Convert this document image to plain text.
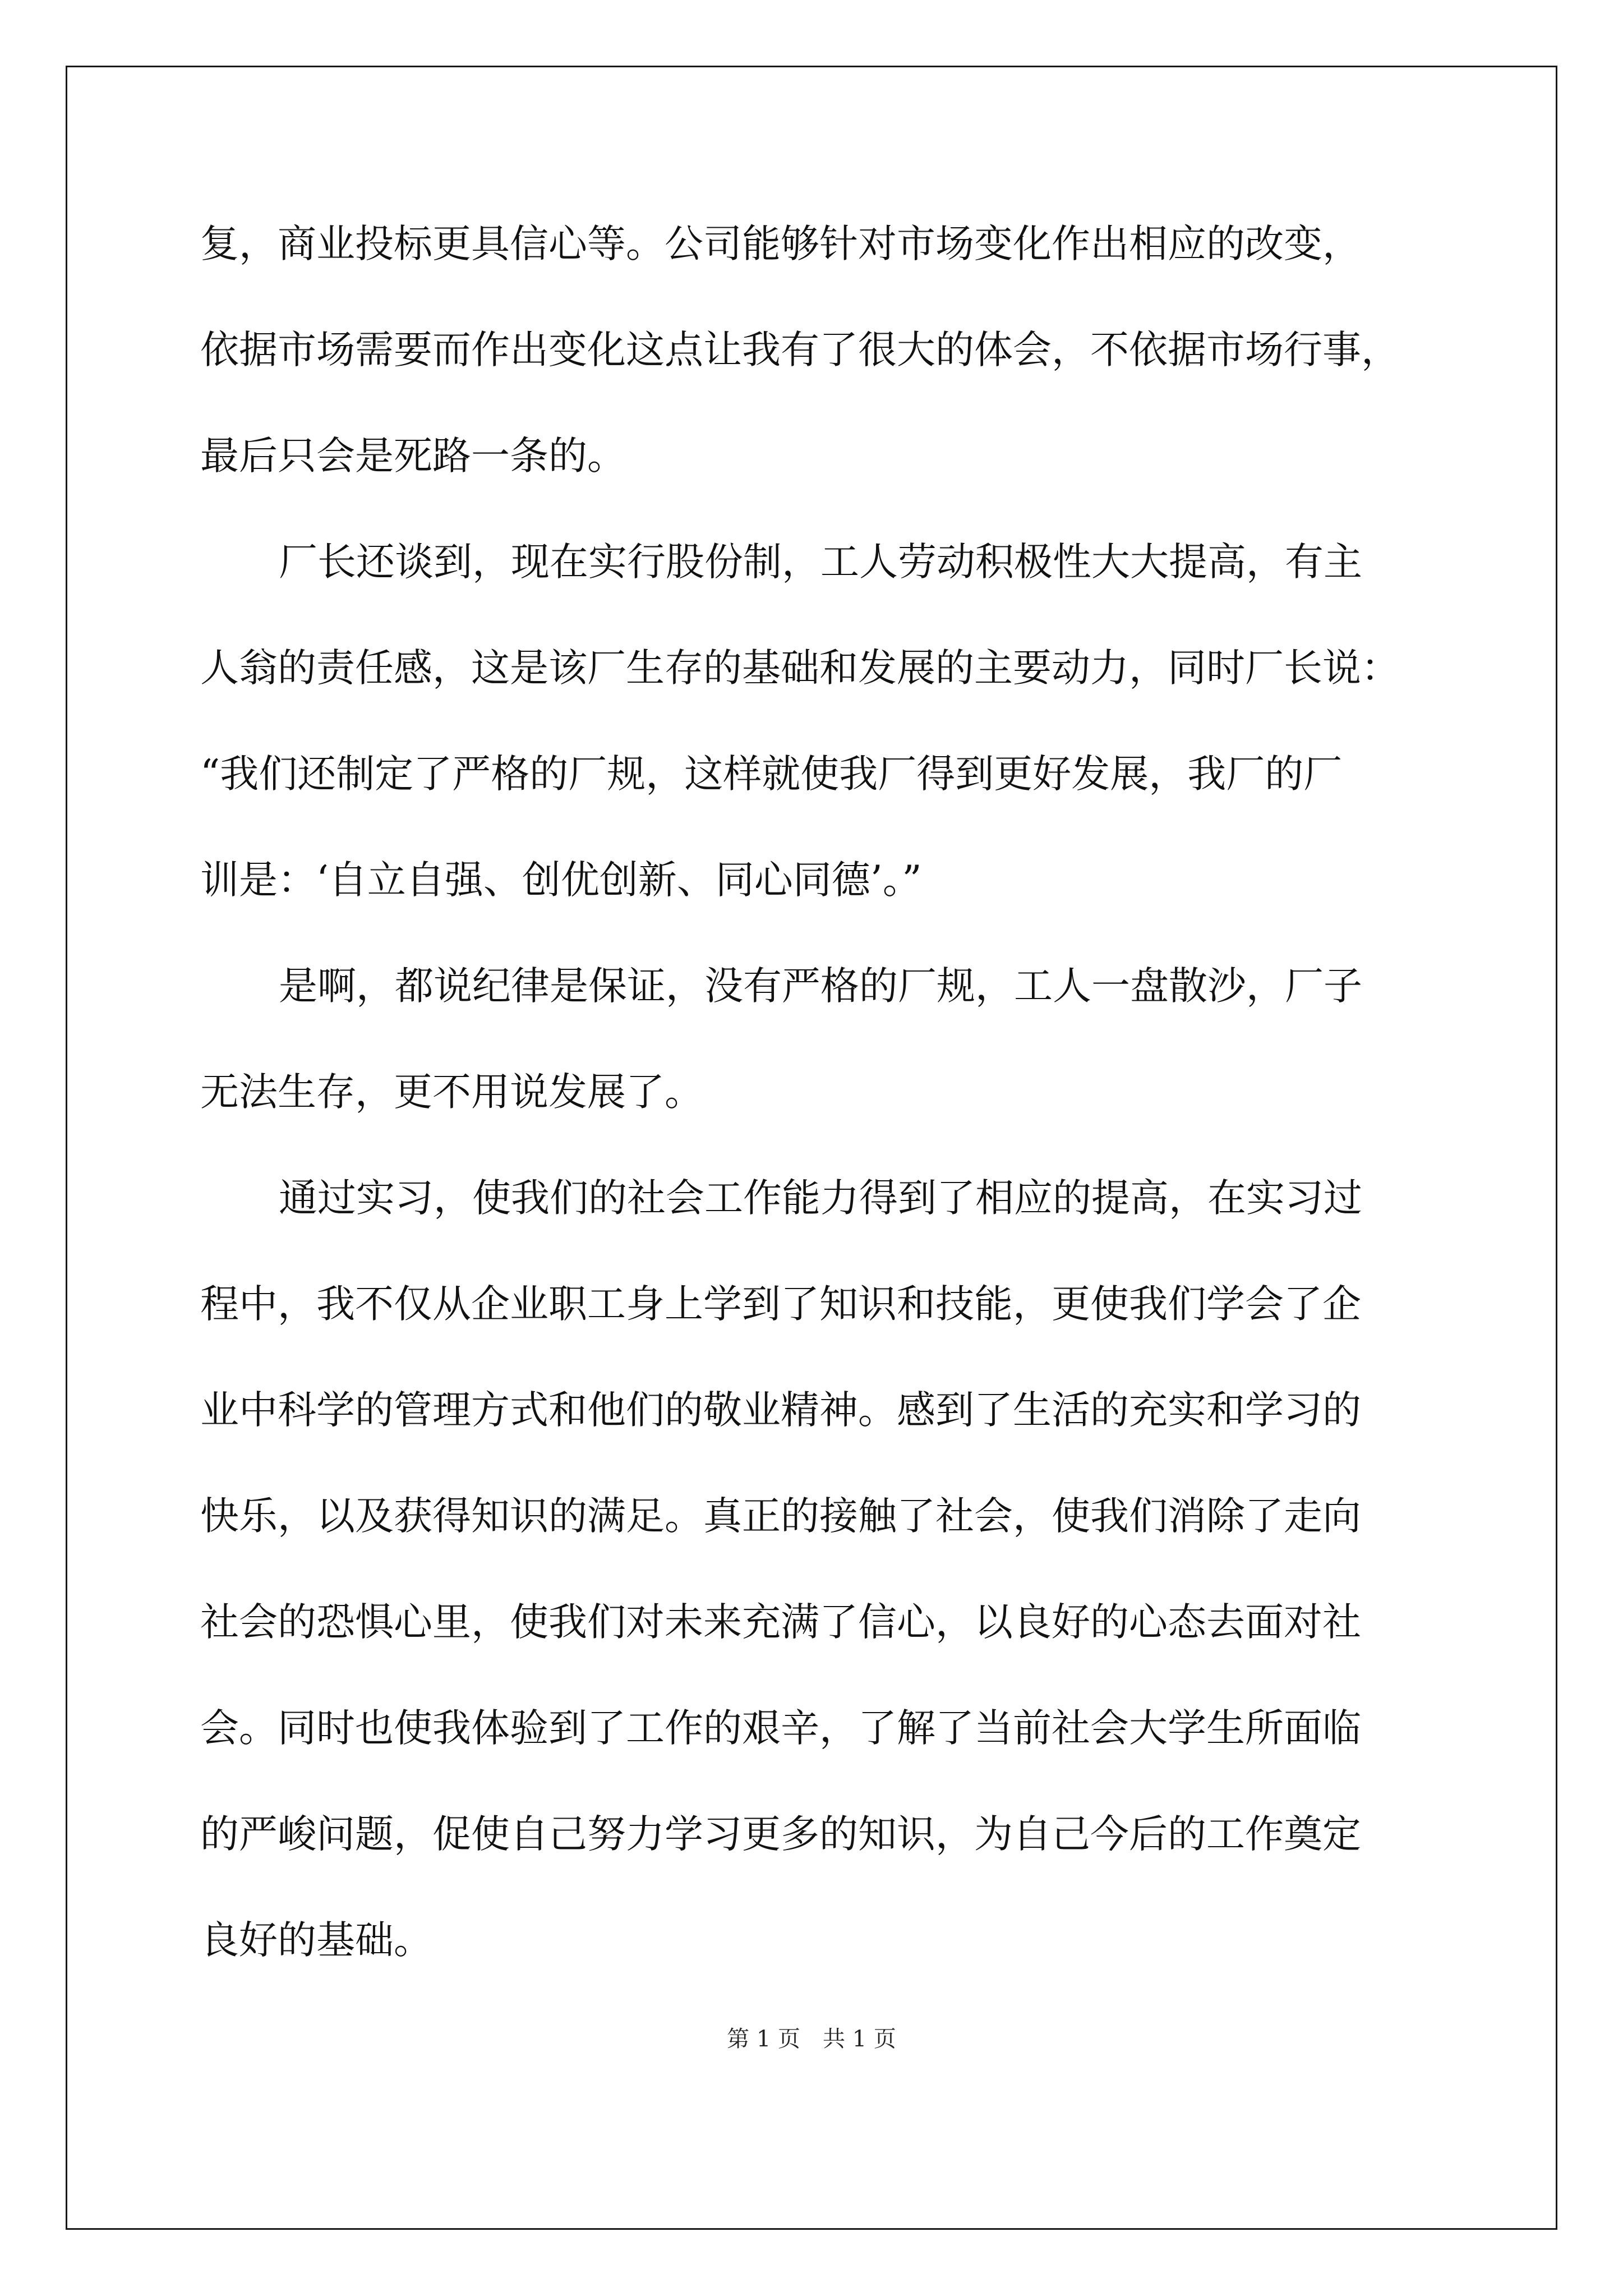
复，商业投标更具信心等。公司能够针对市场变化作出相应的改变，
依据市场需要而作出变化这点让我有了很大的体会，不依据市场行事，
最后只会是死路一条的。
厂长还谈到，现在实行股份制，工人劳动积极性大大提高，有主
人翁的责任感，这是该厂生存的基础和发展的主要动力，同时厂长说：
“我们还制定了严格的厂规，这样就使我厂得到更好发展，我厂的厂
训是：‘自立自强、创优创新、同心同德’。”
是啊，都说纪律是保证，没有严格的厂规，工人一盘散沙，厂子
无法生存，更不用说发展了。
通过实习，使我们的社会工作能力得到了相应的提高，在实习过
程中，我不仅从企业职工身上学到了知识和技能，更使我们学会了企
业中科学的管理方式和他们的敬业精神。感到了生活的充实和学习的
快乐，以及获得知识的满足。真正的接触了社会，使我们消除了走向
社会的恐惧心里，使我们对未来充满了信心，以良好的心态去面对社
会。同时也使我体验到了工作的艰辛，了解了当前社会大学生所面临
的严峻问题，促使自己努力学习更多的知识，为自己今后的工作奠定
良好的基础。
第 1 页　共 1 页
